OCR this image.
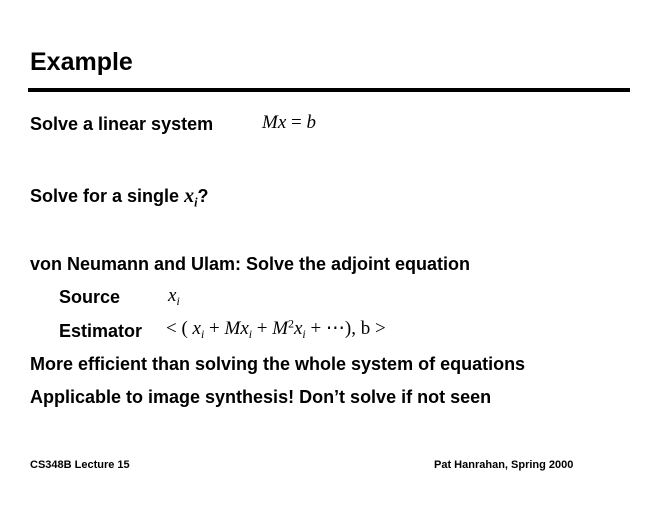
Example
Solve a linear system	Mx = b
Solve for a single $x_i$?
von Neumann and Ulam: Solve the adjoint equation
Source	$x_i$
Estimator < ( $x_i + Mx_i + M^2x_i$ + ⋯), b >
More efficient than solving the whole system of equations
Applicable to image synthesis! Don’t solve if not seen
CS348B Lecture 15	Pat Hanrahan, Spring 2000
